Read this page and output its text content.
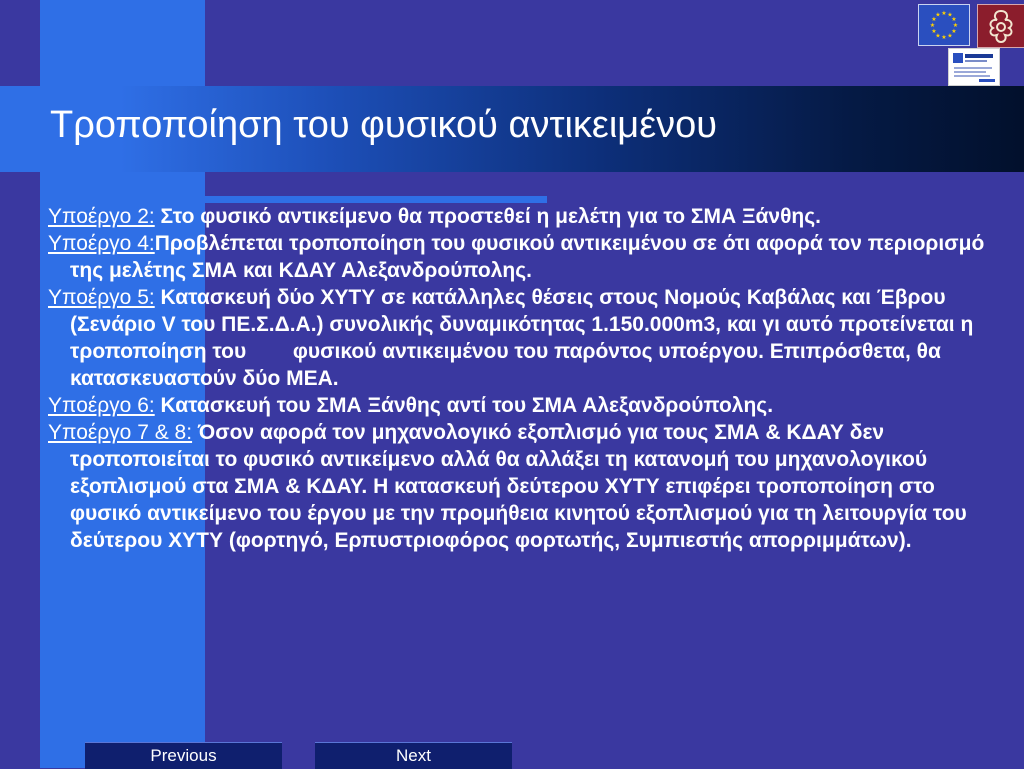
Τροποποίηση του φυσικού αντικειμένου
★ ★
★
★
★
★
★
★
★
★
★
★

Υποέργο 2: Στο φυσικό αντικείμενο θα προστεθεί η μελέτη για το ΣΜΑ Ξάνθης.

Υποέργο 4:Προβλέπεται τροποποίηση του φυσικού αντικειμένου σε ότι αφορά τον περιορισμό της μελέτης ΣΜΑ και ΚΔΑΥ Αλεξανδρούπολης.

Υποέργο 5: Κατασκευή δύο ΧΥΤΥ σε κατάλληλες θέσεις στους Νομούς Καβάλας και Έβρου (Σενάριο V του ΠΕ.Σ.Δ.Α.) συνολικής δυναμικότητας 1.150.000m3, και γι αυτό προτείνεται η τροποποίηση του        φυσικού αντικειμένου του παρόντος υποέργου. Επιπρόσθετα, θα κατασκευαστούν δύο ΜΕΑ.

Υποέργο 6: Κατασκευή του ΣΜΑ Ξάνθης αντί του ΣΜΑ Αλεξανδρούπολης.

Υποέργο 7 & 8: Όσον αφορά τον μηχανολογικό εξοπλισμό για τους ΣΜΑ & ΚΔΑΥ δεν τροποποιείται το φυσικό αντικείμενο αλλά θα αλλάξει τη κατανομή του μηχανολογικού εξοπλισμού στα ΣΜΑ & ΚΔΑΥ. Η κατασκευή δεύτερου ΧΥΤΥ επιφέρει τροποποίηση στο φυσικό αντικείμενο του έργου με την προμήθεια κινητού εξοπλισμού για τη λειτουργία του δεύτερου ΧΥΤΥ (φορτηγό, Ερπυστριοφόρος φορτωτής, Συμπιεστής απορριμμάτων).

Previous	Next
